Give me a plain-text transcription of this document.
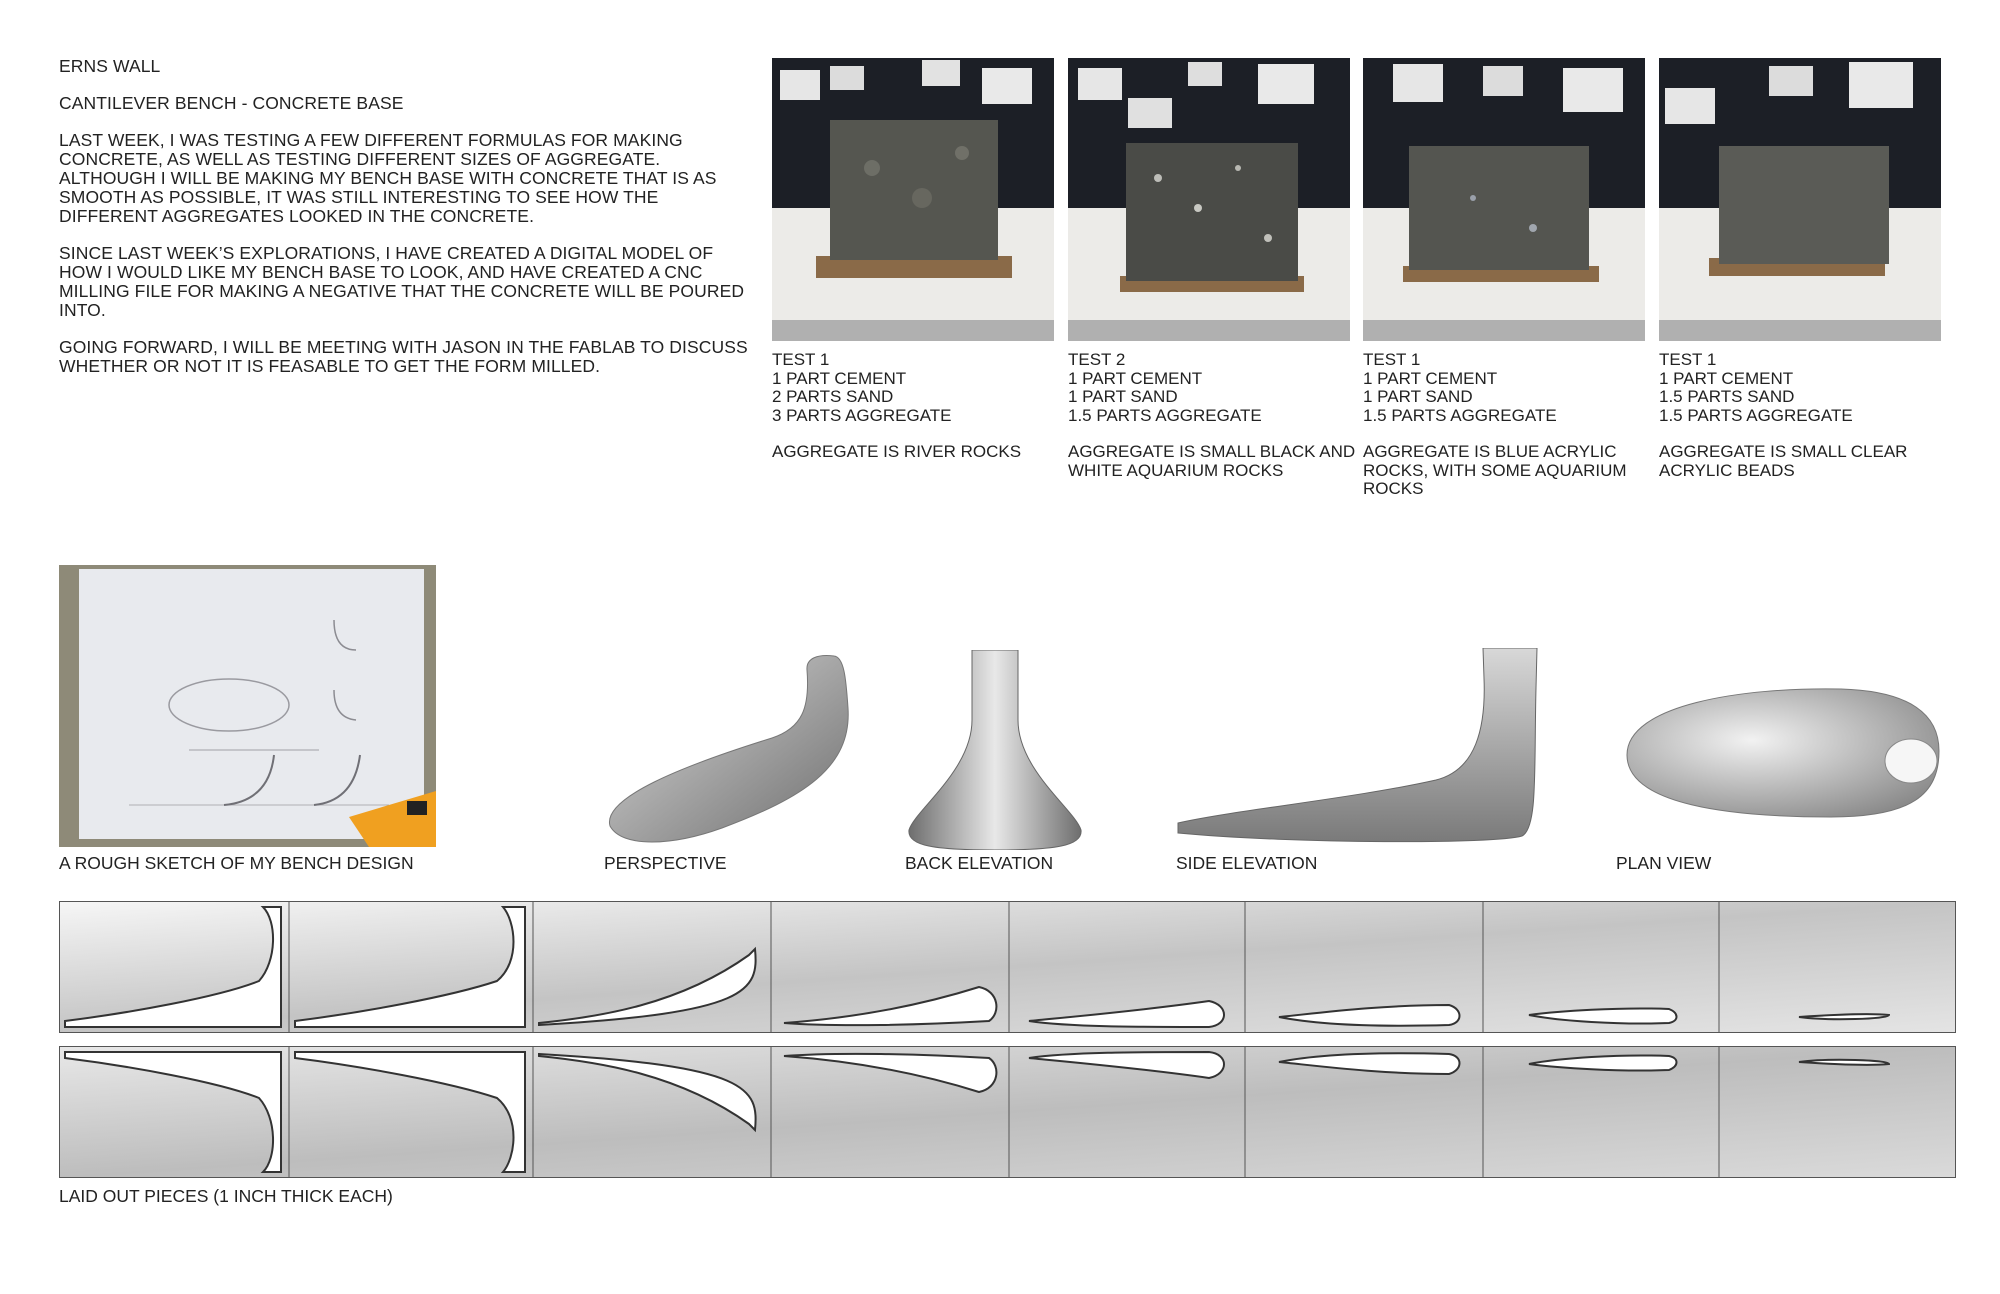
ERNS WALL

CANTILEVER BENCH - CONCRETE BASE

LAST WEEK, I WAS TESTING A FEW DIFFERENT FORMULAS FOR MAKING CONCRETE, AS WELL AS TESTING DIFFERENT SIZES OF AGGREGATE. ALTHOUGH I WILL BE MAKING MY BENCH BASE WITH CONCRETE THAT IS AS SMOOTH AS POSSIBLE, IT WAS STILL INTERESTING TO SEE HOW THE DIFFERENT AGGREGATES LOOKED IN THE CONCRETE.

SINCE LAST WEEK’S EXPLORATIONS, I HAVE CREATED A DIGITAL MODEL OF HOW I WOULD LIKE MY BENCH BASE TO LOOK, AND HAVE CREATED A CNC MILLING FILE FOR MAKING A NEGATIVE THAT THE CONCRETE WILL BE POURED INTO.

GOING FORWARD, I WILL BE MEETING WITH JASON IN THE FABLAB TO DISCUSS WHETHER OR NOT IT IS FEASABLE TO GET THE FORM MILLED.	TEST 1
1 PART CEMENT
2 PARTS SAND
3 PARTS AGGREGATE
AGGREGATE IS RIVER ROCKS
TEST 2
1 PART CEMENT
1 PART SAND
1.5 PARTS AGGREGATE
AGGREGATE IS SMALL BLACK AND WHITE AQUARIUM ROCKS
TEST 1
1 PART CEMENT
1 PART SAND
1.5 PARTS AGGREGATE
AGGREGATE IS BLUE ACRYLIC ROCKS, WITH SOME AQUARIUM ROCKS
TEST 1
1 PART CEMENT
1.5 PARTS SAND
1.5 PARTS AGGREGATE
AGGREGATE IS SMALL CLEAR ACRYLIC BEADS
A ROUGH SKETCH OF MY BENCH DESIGN	PERSPECTIVE	BACK ELEVATION	SIDE ELEVATION	PLAN VIEW
LAID OUT PIECES (1 INCH THICK EACH)
